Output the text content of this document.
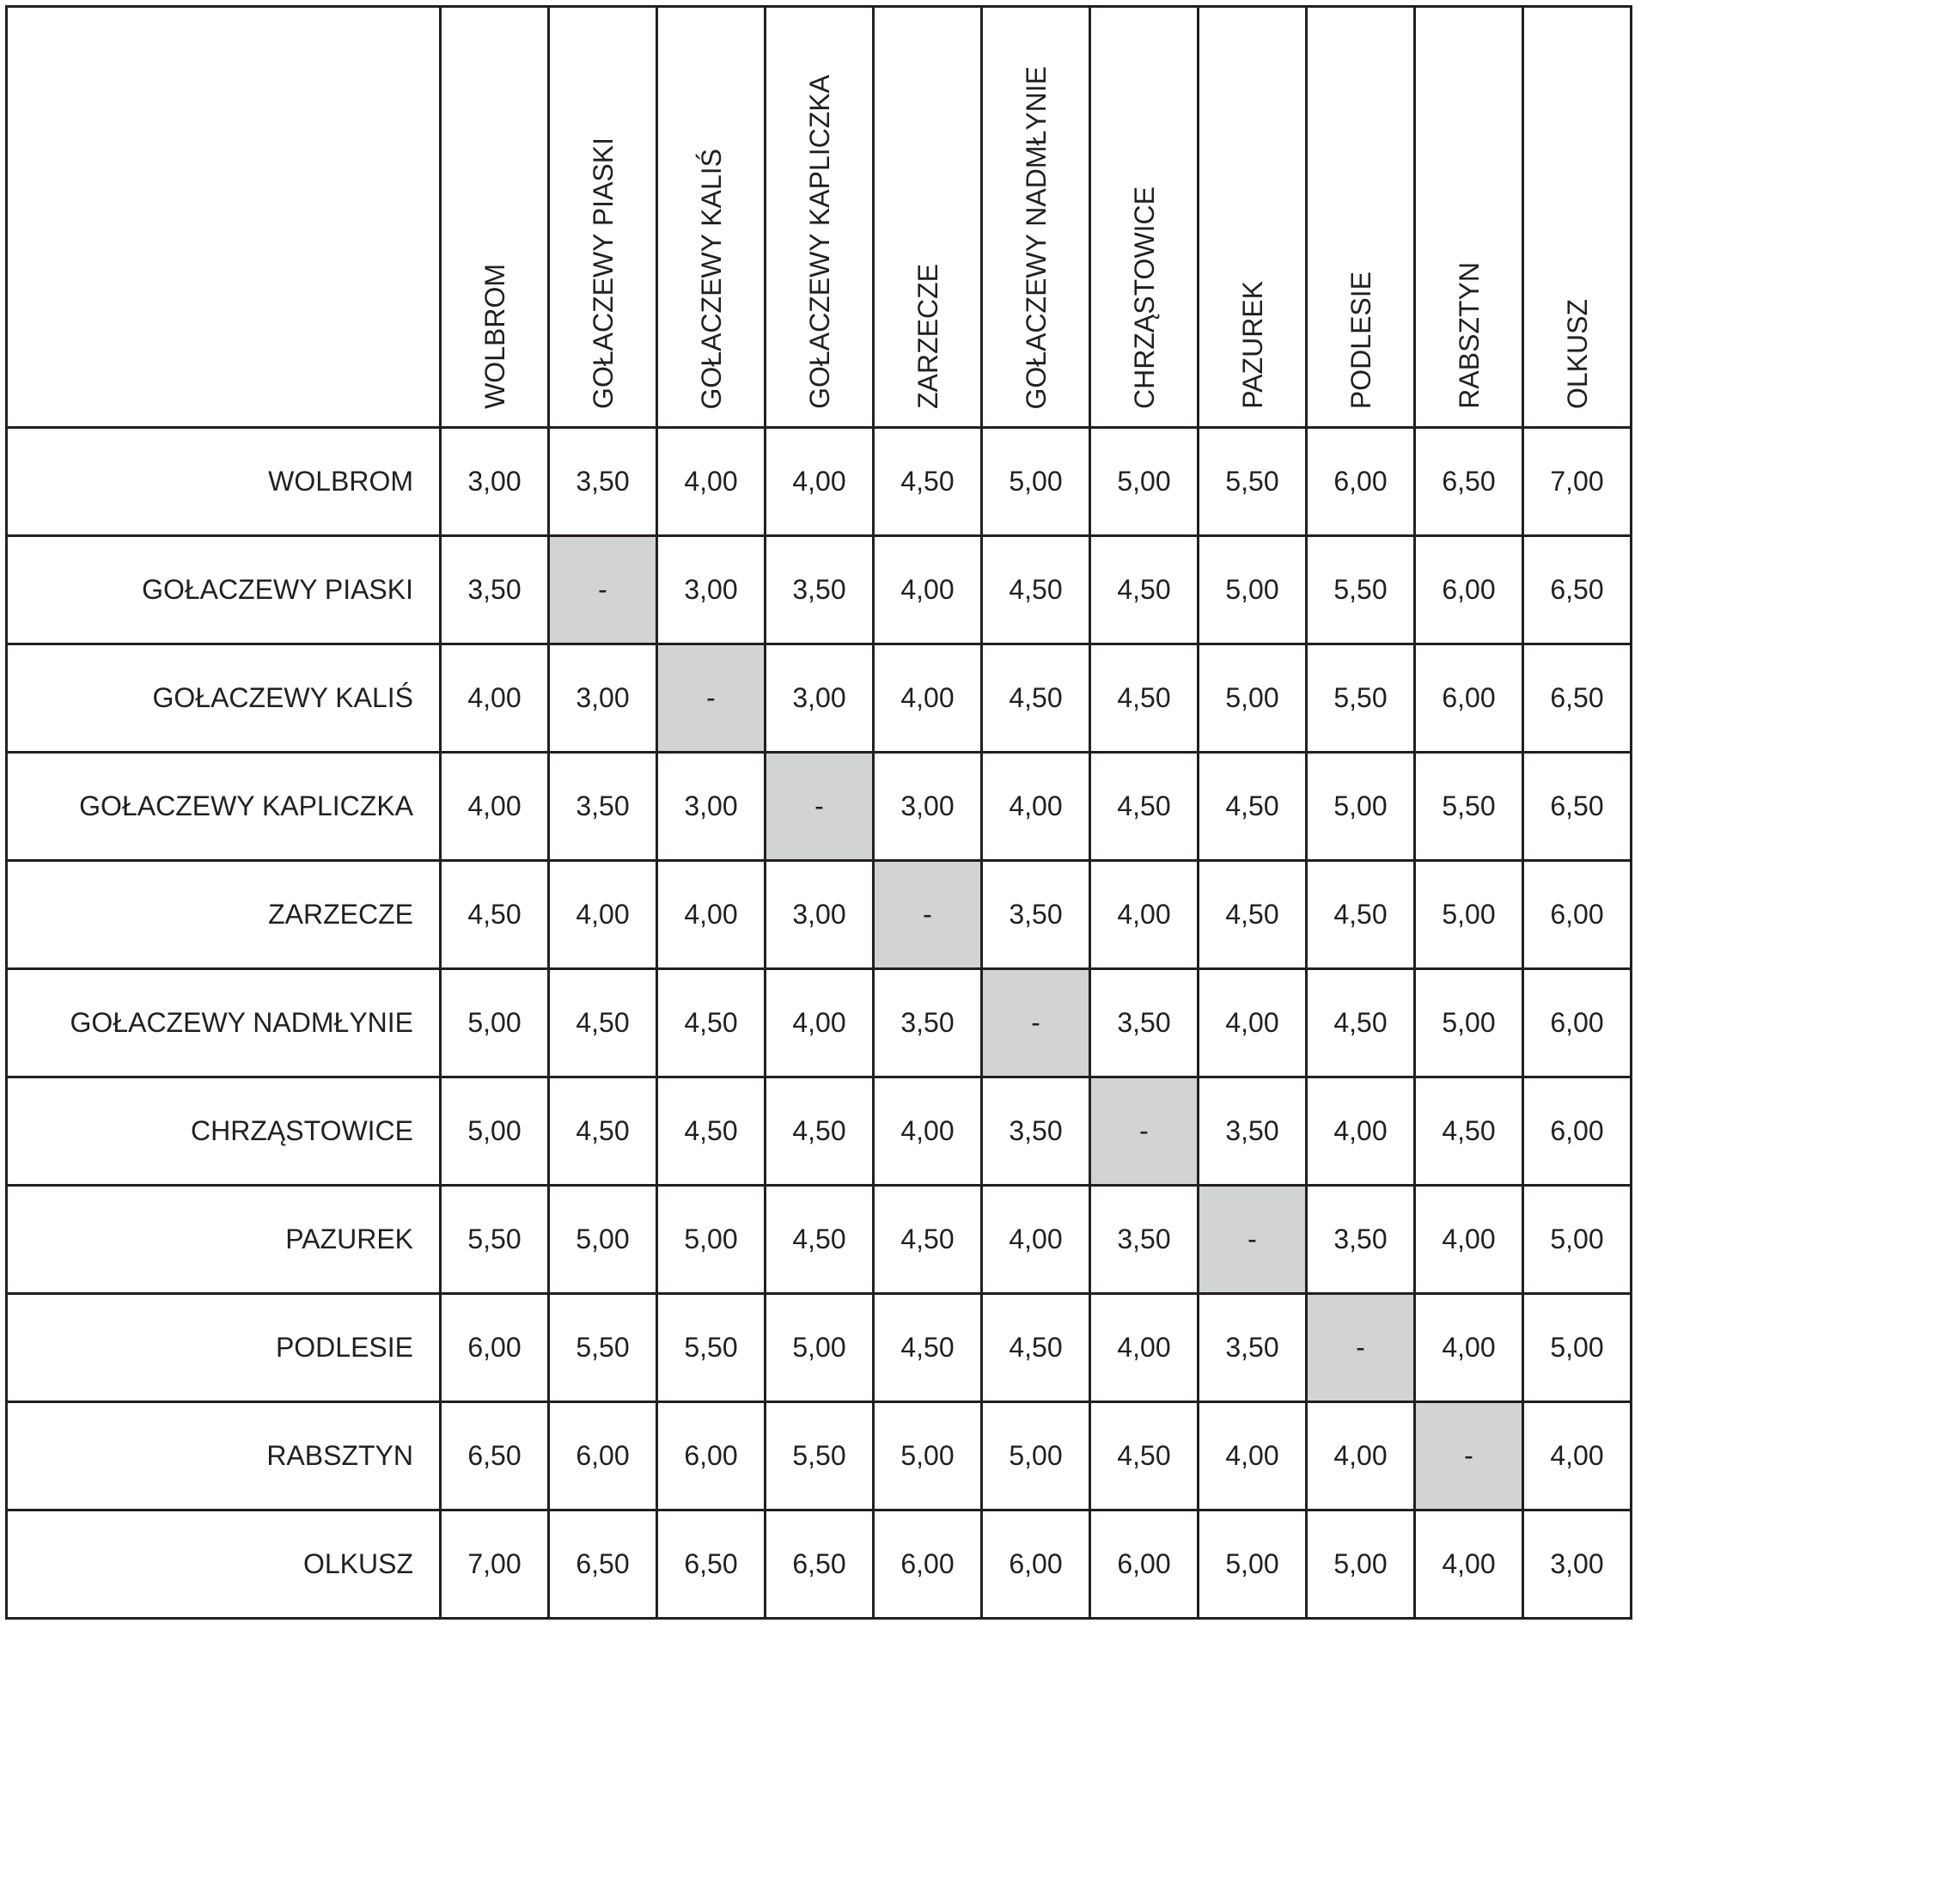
	WOLBROM	GOŁACZEWY PIASKI	GOŁACZEWY KALIŚ	GOŁACZEWY KAPLICZKA	ZARZECZE	GOŁACZEWY NADMŁYNIE	CHRZĄSTOWICE	PAZUREK	PODLESIE	RABSZTYN	OLKUSZ

WOLBROM	3,00	3,50	4,00	4,00	4,50	5,00	5,00	5,50	6,00	6,50	7,00
GOŁACZEWY PIASKI	3,50	-	3,00	3,50	4,00	4,50	4,50	5,00	5,50	6,00	6,50
GOŁACZEWY KALIŚ	4,00	3,00	-	3,00	4,00	4,50	4,50	5,00	5,50	6,00	6,50
GOŁACZEWY KAPLICZKA	4,00	3,50	3,00	-	3,00	4,00	4,50	4,50	5,00	5,50	6,50
ZARZECZE	4,50	4,00	4,00	3,00	-	3,50	4,00	4,50	4,50	5,00	6,00
GOŁACZEWY NADMŁYNIE	5,00	4,50	4,50	4,00	3,50	-	3,50	4,00	4,50	5,00	6,00
CHRZĄSTOWICE	5,00	4,50	4,50	4,50	4,00	3,50	-	3,50	4,00	4,50	6,00
PAZUREK	5,50	5,00	5,00	4,50	4,50	4,00	3,50	-	3,50	4,00	5,00
PODLESIE	6,00	5,50	5,50	5,00	4,50	4,50	4,00	3,50	-	4,00	5,00
RABSZTYN	6,50	6,00	6,00	5,50	5,00	5,00	4,50	4,00	4,00	-	4,00
OLKUSZ	7,00	6,50	6,50	6,50	6,00	6,00	6,00	5,00	5,00	4,00	3,00
